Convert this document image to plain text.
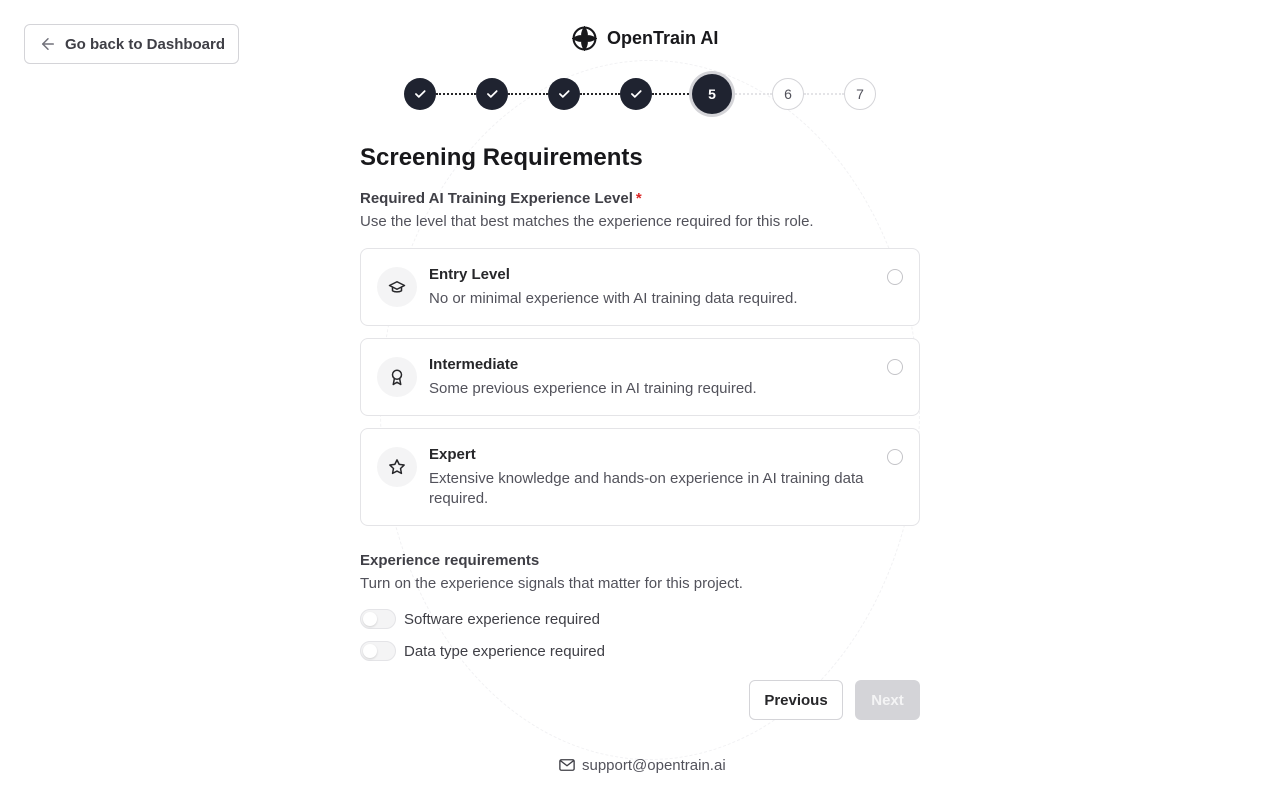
Go back to Dashboard	OpenTrain AI
5	6	7
Screening Requirements
Required AI Training Experience Level *
Use the level that best matches the experience required for this role.
Entry Level
No or minimal experience with AI training data required.
Intermediate
Some previous experience in AI training required.
Expert
Extensive knowledge and hands-on experience in AI training data required.
Experience requirements
Turn on the experience signals that matter for this project.
Software experience required
Data type experience required
Previous	Next
support@opentrain.ai
